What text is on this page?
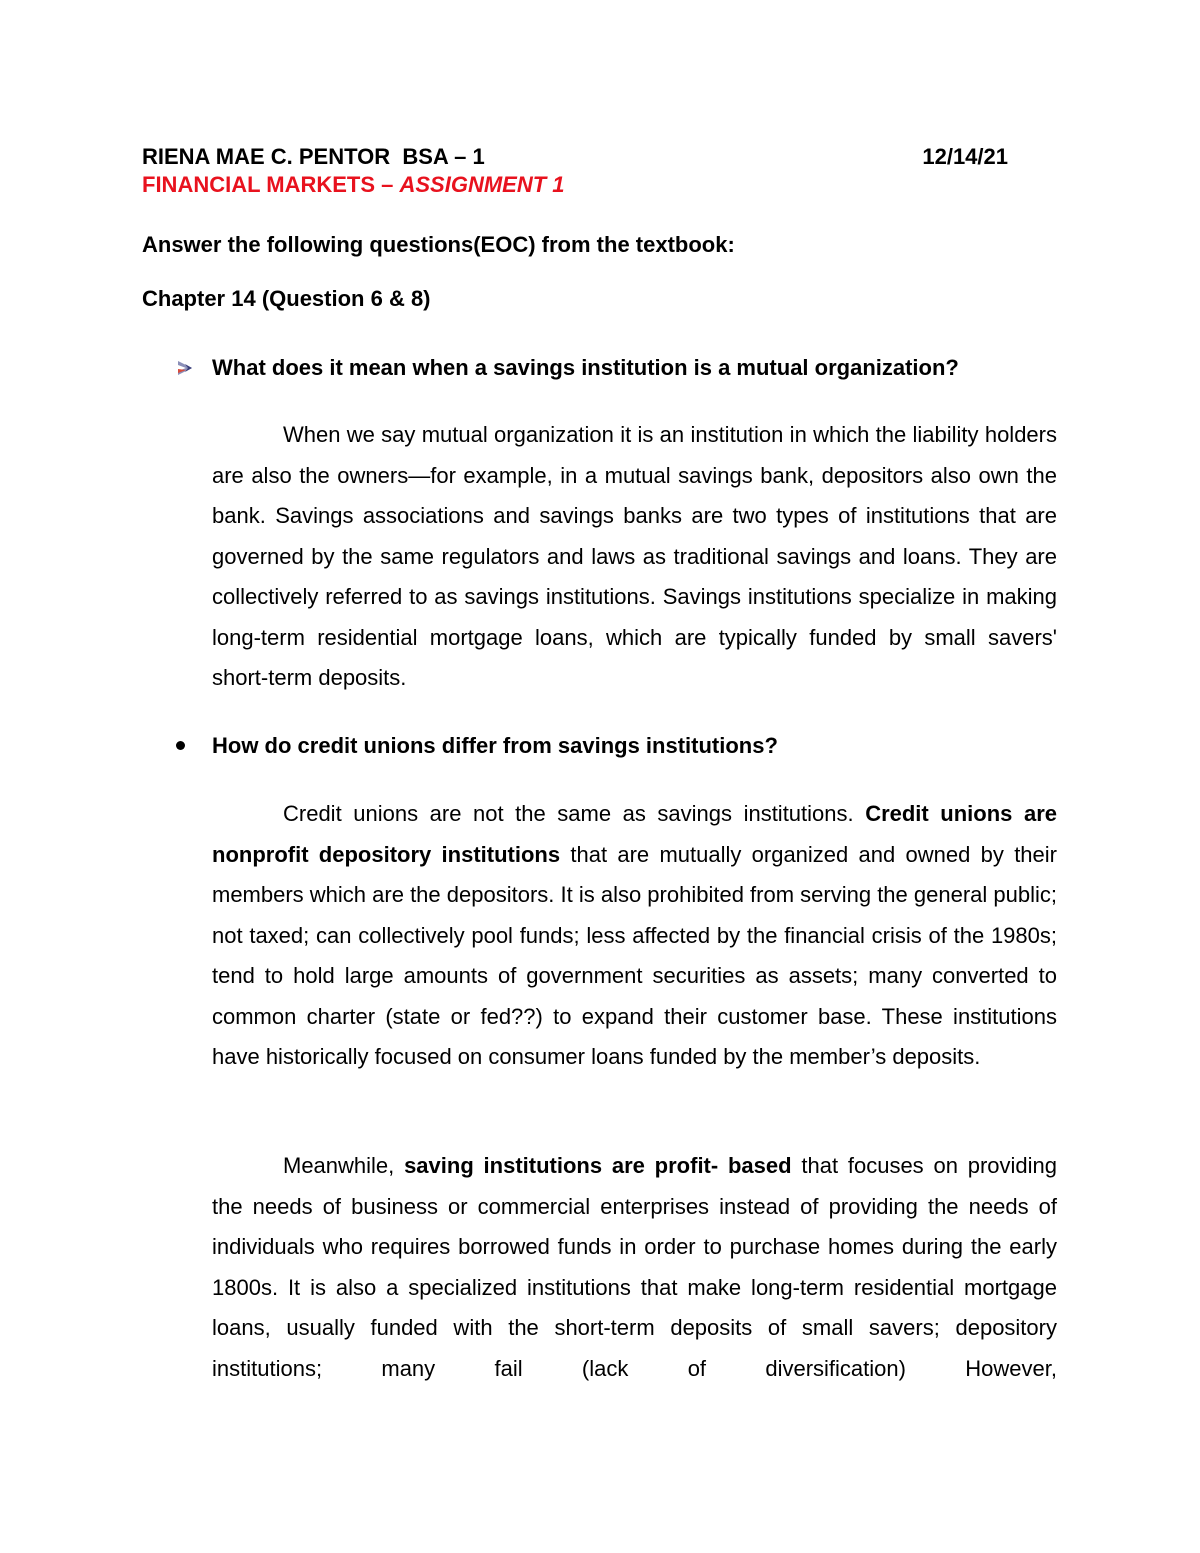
RIENA MAE C. PENTOR BSA – 1	12/14/21
FINANCIAL MARKETS – ASSIGNMENT 1
Answer the following questions(EOC) from the textbook:
Chapter 14 (Question 6 & 8)
What does it mean when a savings institution is a mutual organization?

When we say mutual organization it is an institution in which the liability holders are also the owners—for example, in a mutual savings bank, depositors also own the bank. Savings associations and savings banks are two types of institutions that are governed by the same regulators and laws as traditional savings and loans. They are collectively referred to as savings institutions. Savings institutions specialize in making long-term residential mortgage loans, which are typically funded by small savers' short-term deposits.

How do credit unions differ from savings institutions?

Credit unions are not the same as savings institutions. Credit unions are nonprofit depository institutions that are mutually organized and owned by their members which are the depositors. It is also prohibited from serving the general public; not taxed; can collectively pool funds; less affected by the financial crisis of the 1980s; tend to hold large amounts of government securities as assets; many converted to common charter (state or fed??) to expand their customer base. These institutions have historically focused on consumer loans funded by the member’s deposits.

Meanwhile, saving institutions are profit- based that focuses on providing the needs of business or commercial enterprises instead of providing the needs of individuals who requires borrowed funds in order to purchase homes during the early 1800s. It is also a specialized institutions that make long-term residential mortgage loans, usually funded with the short-term deposits of small savers; depository institutions; many fail (lack of diversification) However,
